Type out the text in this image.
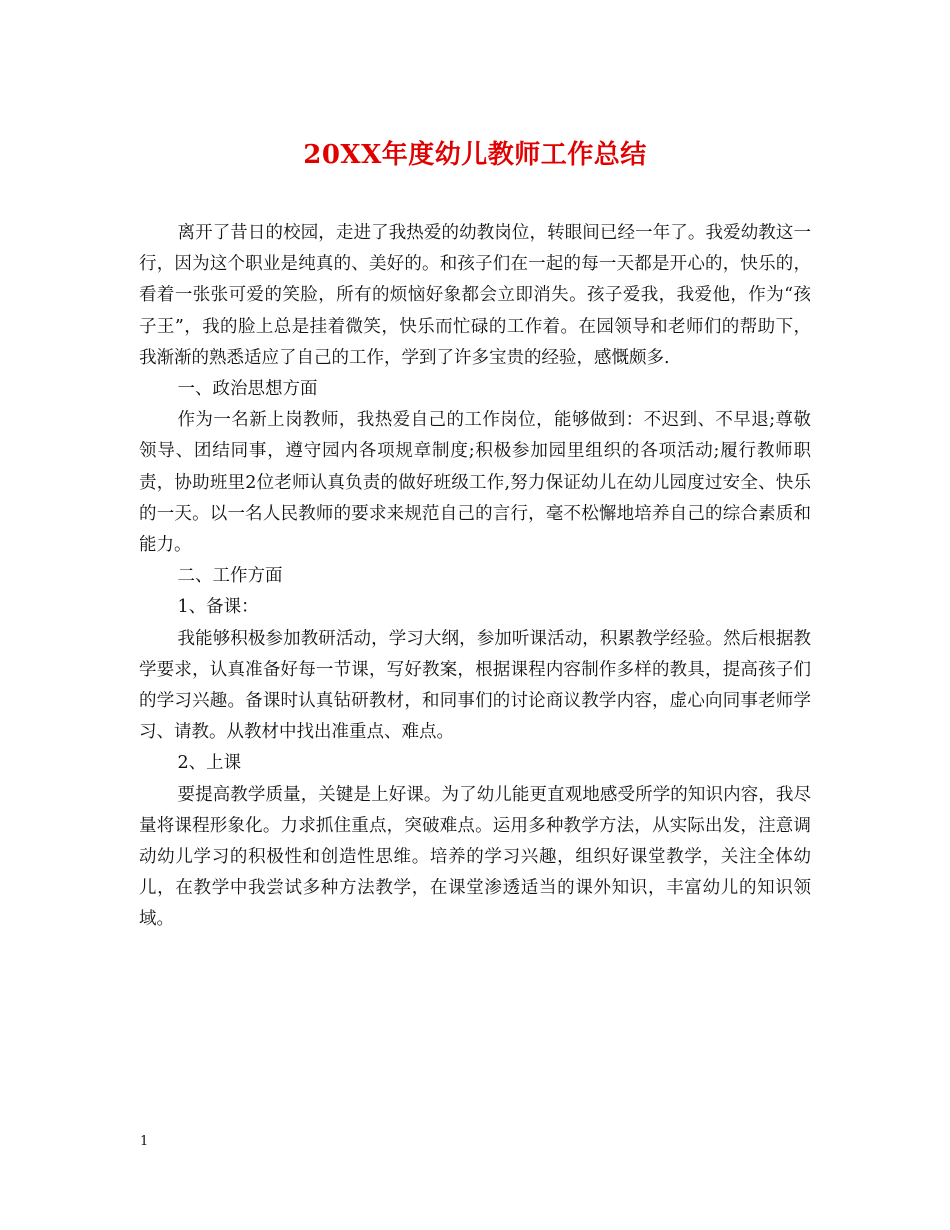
20XX年度幼儿教师工作总结

离开了昔日的校园，走进了我热爱的幼教岗位，转眼间已经一年了。我爱幼教这一行，因为这个职业是纯真的、美好的。和孩子们在一起的每一天都是开心的，快乐的，看着一张张可爱的笑脸，所有的烦恼好象都会立即消失。孩子爱我，我爱他，作为“孩子王”，我的脸上总是挂着微笑，快乐而忙碌的工作着。在园领导和老师们的帮助下，我渐渐的熟悉适应了自己的工作，学到了许多宝贵的经验，感慨颇多.

一、政治思想方面

作为一名新上岗教师，我热爱自己的工作岗位，能够做到：不迟到、不早退;尊敬领导、团结同事，遵守园内各项规章制度;积极参加园里组织的各项活动;履行教师职责，协助班里2位老师认真负责的做好班级工作,努力保证幼儿在幼儿园度过安全、快乐的一天。以一名人民教师的要求来规范自己的言行，毫不松懈地培养自己的综合素质和能力。

二、工作方面

1、备课：

我能够积极参加教研活动，学习大纲，参加听课活动，积累教学经验。然后根据教学要求，认真准备好每一节课，写好教案，根据课程内容制作多样的教具，提高孩子们的学习兴趣。备课时认真钻研教材，和同事们的讨论商议教学内容，虚心向同事老师学习、请教。从教材中找出准重点、难点。

2、上课

要提高教学质量，关键是上好课。为了幼儿能更直观地感受所学的知识内容，我尽量将课程形象化。力求抓住重点，突破难点。运用多种教学方法，从实际出发，注意调动幼儿学习的积极性和创造性思维。培养的学习兴趣，组织好课堂教学，关注全体幼儿，在教学中我尝试多种方法教学，在课堂渗透适当的课外知识，丰富幼儿的知识领域。

1
